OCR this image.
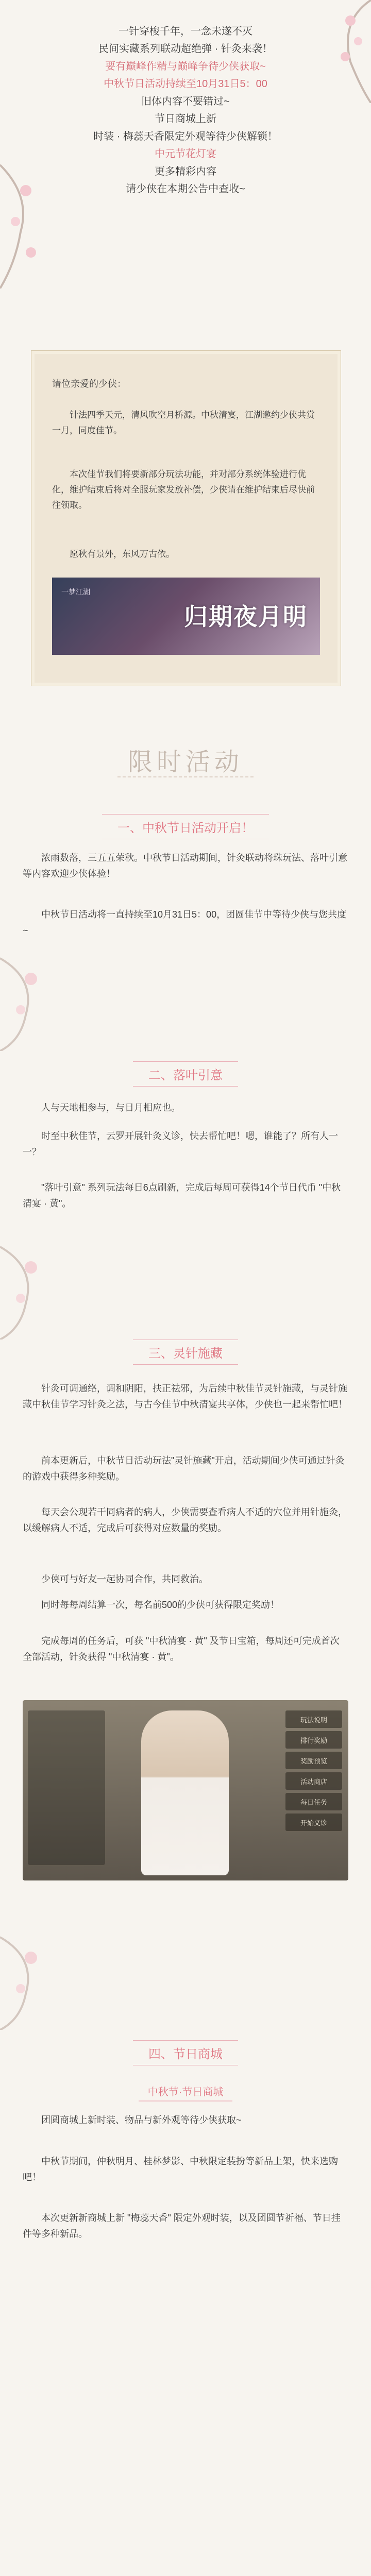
一针穿梭千年，一念未遂不灭
民间实藏系列联动超绝弹 · 针灸来袭！
要有巅峰作精与巅峰争待少侠获取~
中秋节日活动持续至10月31日5：00
旧体内容不要错过~
节日商城上新
时装 · 梅蕊天香限定外观等待少侠解锁！
中元节花灯宴
更多精彩内容
请少侠在本期公告中查收~
请位亲爱的少侠：
针法四季天元，清风吹空月桥源。中秋清宴，江湖邀约少侠共赏一月，同度佳节。
本次佳节我们将要新部分玩法功能，并对部分系统体验进行优化，维护结束后将对全服玩家发放补偿，少侠请在维护结束后尽快前往领取。
愿秋有景外，东风万古依。
一梦江湖
归期夜月明
限时活动
一、中秋节日活动开启！
浓雨数落，三五五荣秋。中秋节日活动期间，针灸联动将珠玩法、落叶引意等内容欢迎少侠体验！
中秋节日活动将一直持续至10月31日5：00，团圆佳节中等待少侠与您共度~
二、落叶引意
人与天地相参与，与日月相应也。
时至中秋佳节，云罗开展针灸义诊，快去帮忙吧！嗯，谁能了？所有人一一？
"落叶引意" 系列玩法每日6点刷新，完成后每周可获得14个节日代币 "中秋清宴 · 黄"。
三、灵针施藏
针灸可调通络，调和阴阳，扶正祛邪，为后续中秋佳节灵针施藏，与灵针施藏中秋佳节学习针灸之法，与古今佳节中秋清宴共享体，少侠也一起来帮忙吧！
前本更新后，中秋节日活动玩法"灵针施藏"开启，活动期间少侠可通过针灸的游戏中获得多种奖励。
每天会公现若干同病者的病人，少侠需要查看病人不适的穴位并用针施灸，以缓解病人不适，完成后可获得对应数量的奖励。
少侠可与好友一起协同合作，共同救治。
同时每每周结算一次，每名前500的少侠可获得限定奖励！
完成每周的任务后，可获 "中秋清宴 · 黄" 及节日宝箱，每周还可完成首次全部活动，针灸获得 "中秋清宴 · 黄"。
玩法说明
排行奖励
奖励预览
活动商店
每日任务
开始义诊
四、节日商城
中秋节·节日商城
团圆商城上新时装、物品与新外观等待少侠获取~
中秋节期间，仲秋明月、桂林梦影、中秋限定装扮等新品上架，快来选购吧！
本次更新新商城上新 "梅蕊天香" 限定外观时装，以及团圆节祈福、节日挂件等多种新品。
